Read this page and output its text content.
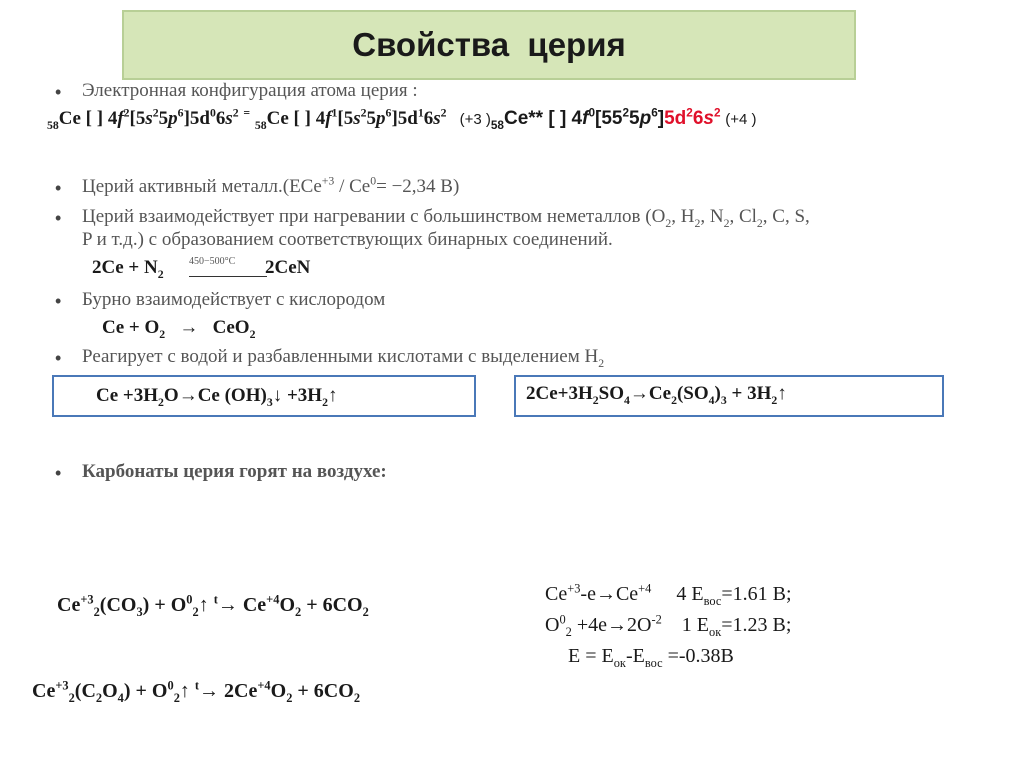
Свойства  церия
• Электронная конфигурация атома церия :
$_{58}$Ce [ ] $4f^2[5s^25p^6]5d^06s^2$ = $_{58}$Ce [ ] $4f^1[5s^25p^6]5d^16s^2$ (+3 )$_{58}Ce**$ [ ] $4f^0[55^25p^6]5d^26s^2$ (+4 )
• Церий активный металл.(ECe$^{+3}$ / $Ce^0= -2,34$ В)
• Церий взаимодействует при нагревании с большинством неметаллов ($O_2$, $H_2$, $N_2$, $Cl_2$, C, S,
P и т.д.) с образованием соответствующих бинарных соединений.
$2Ce + N_2$
450−500°C	2CeN
• Бурно взаимодействует с кислородом
$Ce + O_2 \to CeO_2$
• Реагирует с водой и разбавленными кислотами с выделением $H_2$
$Ce +3H_2O\to Ce$ $(OH)_3↓$ $+3H_2↑$	$2Ce+3H_2SO_4\to Ce_2(SO_4)_3$ + $3H_2↑$
• Карбонаты церия горят на воздухе:
$Ce^{+3}_2(CO_3)$ + $O^0_2↑$ $^t\to Ce^{+4}O_2 + 6CO_2$
$Ce^{+3}_2(C_2O_4)$ + $O^0_2↑$ $^t\to 2Ce^{+4}O_2 + 6CO_2$
$Ce^{+3}-e\to Ce^{+4}$ 4 $E_{вос}=1.61$ В;
$O^0_2 +4e\to 2O^{-2}$ 1 $E_{ок}=1.23$ В;
$E = E_{ок}-E_{вос} =-0.38В$
